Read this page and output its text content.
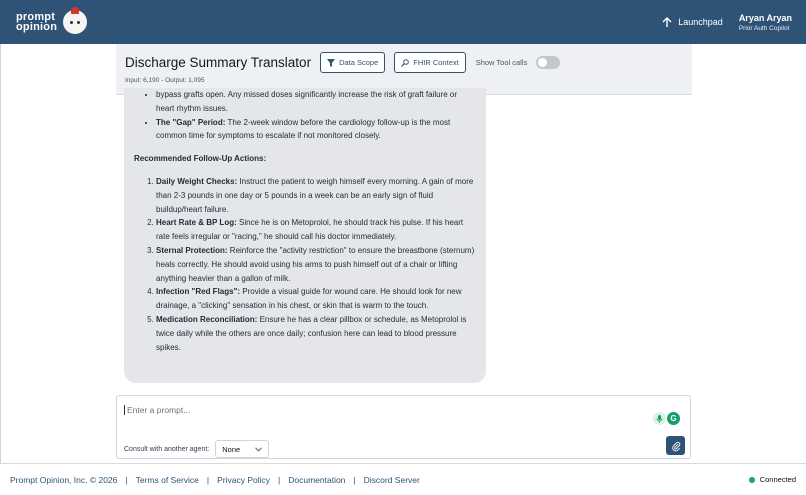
prompt
opinion	Launchpad Aryan Aryan
Prior Auth Copilot
Discharge Summary Translator	Data Scope	FHIR Context Show Tool calls
Input: 6,190 - Output: 1,095
• bypass grafts open. Any missed doses significantly increase the risk of graft failure or heart rhythm issues.
• The "Gap" Period: The 2-week window before the cardiology follow-up is the most common time for symptoms to escalate if not monitored closely.
Recommended Follow-Up Actions:
1. Daily Weight Checks: Instruct the patient to weigh himself every morning. A gain of more than 2-3 pounds in one day or 5 pounds in a week can be an early sign of fluid buildup/heart failure.
2. Heart Rate & BP Log: Since he is on Metoprolol, he should track his pulse. If his heart rate feels irregular or "racing," he should call his doctor immediately.
3. Sternal Protection: Reinforce the "activity restriction" to ensure the breastbone (sternum) heals correctly. He should avoid using his arms to push himself out of a chair or lifting anything heavier than a gallon of milk.
4. Infection "Red Flags": Provide a visual guide for wound care. He should look for new drainage, a "clicking" sensation in his chest, or skin that is warm to the touch.
5. Medication Reconciliation: Ensure he has a clear pillbox or schedule, as Metoprolol is twice daily while the others are once daily; confusion here can lead to blood pressure spikes.
Enter a prompt...
G
Consult with another agent: None
Prompt Opinion, Inc. © 2026 | Terms of Service | Privacy Policy | Documentation | Discord Server	Connected
